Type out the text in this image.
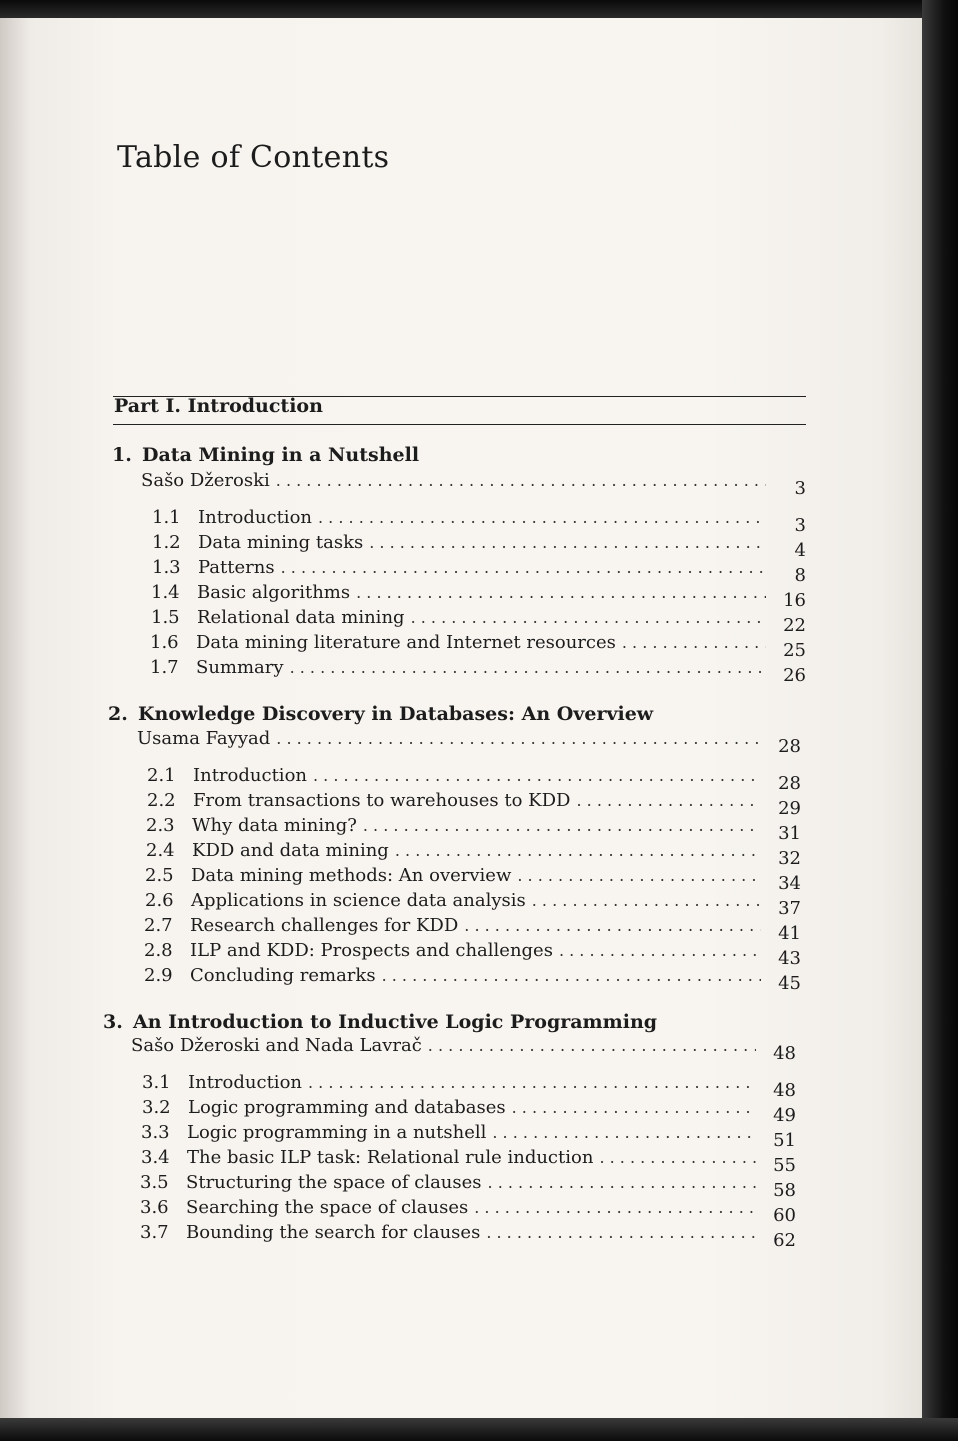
Table of Contents
Part I. Introduction
1. Data Mining in a Nutshell
Sašo Džeroski . . .	3
1.1 Introduction . . .	3
1.2 Data mining tasks . . .	4
1.3 Patterns . . .	8
1.4 Basic algorithms . . .	16
1.5 Relational data mining . . .	22
1.6 Data mining literature and Internet resources . . .	25
1.7 Summary . . .	26
2. Knowledge Discovery in Databases: An Overview
Usama Fayyad . . .	28
2.1 Introduction . . .	28
2.2 From transactions to warehouses to KDD . . .	29
2.3 Why data mining? . . .	31
2.4 KDD and data mining . . .	32
2.5 Data mining methods: An overview . . .	34
2.6 Applications in science data analysis . . .	37
2.7 Research challenges for KDD . . .	41
2.8 ILP and KDD: Prospects and challenges . . .	43
2.9 Concluding remarks . . .	45
3. An Introduction to Inductive Logic Programming
Sašo Džeroski and Nada Lavrač . . .	48
3.1 Introduction . . .	48
3.2 Logic programming and databases . . .	49
3.3 Logic programming in a nutshell . . .	51
3.4 The basic ILP task: Relational rule induction . . .	55
3.5 Structuring the space of clauses . . .	58
3.6 Searching the space of clauses . . .	60
3.7 Bounding the search for clauses . . .	62
